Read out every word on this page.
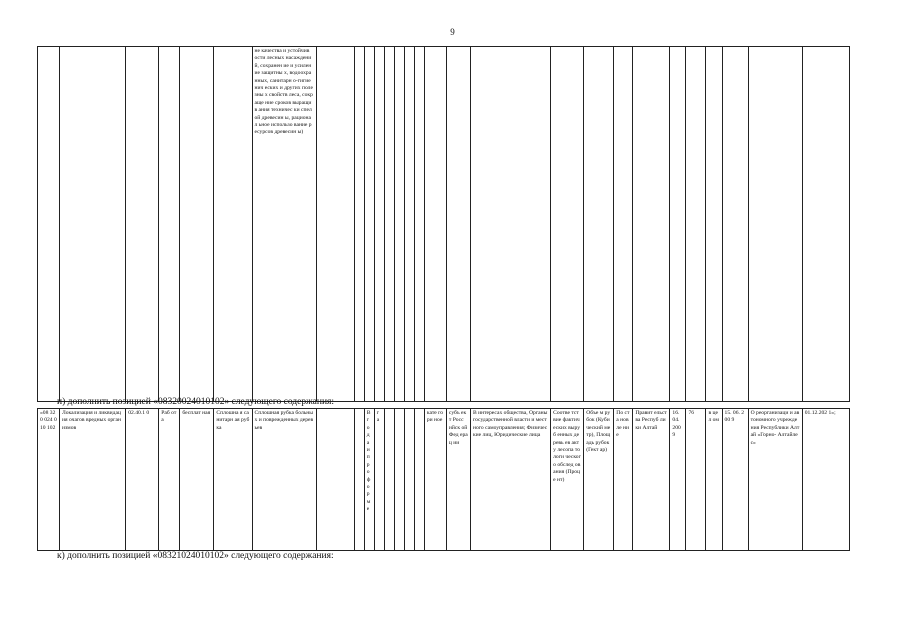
9
						не качества и устойчив ости лесных насаждени й, сохранен ие и усиление защитны х, водоохра нных, санитарн о-гигиенич еских и других полезны х свойств леса, сокраще ние сроков выращив ания техничес ки спелой древесин ы, рационал ьное использо вание ресурсов древесин ы)																					
и) дополнить позицией «08320024010102» следующего содержания:
«08 320 024 010 102	Локализация и ликвидация очагов вредных организмов	02.40.1 0	Раб ота	бесплат ная	Сплошна я санитарн ая рубка	Сплошная рубка больных и поврежденных деревьев			В г о д а и п р о ф о р м е	г а					кате гори ное	субъ ект Росс ийск ой Фед ерац ии	В интересах общества, Органы государственной власти и местного самоуправления; Физические лиц, Юридические лица	Соотве тствие фактич еских выруб енных деревь ев акту лесопа тологи ческог о обслед ования (Проце нт)	Объе м рубок (Куби ческий метр), Площ адь рубок (Гект ар)	По ста нов ле ние	Правит ельства Респуб лики Алтай	16. 04. 200 9	76	в цел ом	15. 06. 200 9	О реорганизаци и автономного учреждения Республики Алтай «Горно- Алтайлес»	01.12.202 1»;
к) дополнить позицией «08321024010102» следующего содержания:
